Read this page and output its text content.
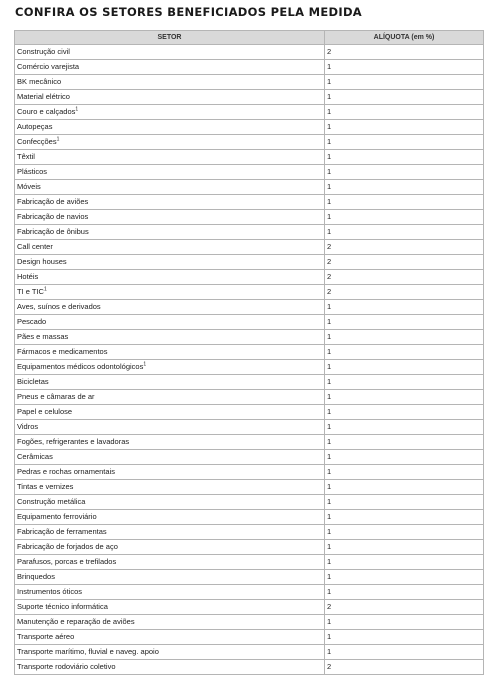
CONFIRA OS SETORES BENEFICIADOS PELA MEDIDA
SETOR	ALÍQUOTA (em %)
Construção civil	2
Comércio varejista	1
BK mecânico	1
Material elétrico	1
Couro e calçados$^1$	1
Autopeças	1
Confecções$^1$	1
Têxtil	1
Plásticos	1
Móveis	1
Fabricação de aviões	1
Fabricação de navios	1
Fabricação de ônibus	1
Call center	2
Design houses	2
Hotéis	2
TI e TIC$^1$	2
Aves, suínos e derivados	1
Pescado	1
Pães e massas	1
Fármacos e medicamentos	1
Equipamentos médicos odontológicos$^1$	1
Bicicletas	1
Pneus e câmaras de ar	1
Papel e celulose	1
Vidros	1
Fogões, refrigerantes e lavadoras	1
Cerâmicas	1
Pedras e rochas ornamentais	1
Tintas e vernizes	1
Construção metálica	1
Equipamento ferroviário	1
Fabricação de ferramentas	1
Fabricação de forjados de aço	1
Parafusos, porcas e trefilados	1
Brinquedos	1
Instrumentos óticos	1
Suporte técnico informática	2
Manutenção e reparação de aviões	1
Transporte aéreo	1
Transporte marítimo, fluvial e naveg. apoio	1
Transporte rodoviário coletivo	2
